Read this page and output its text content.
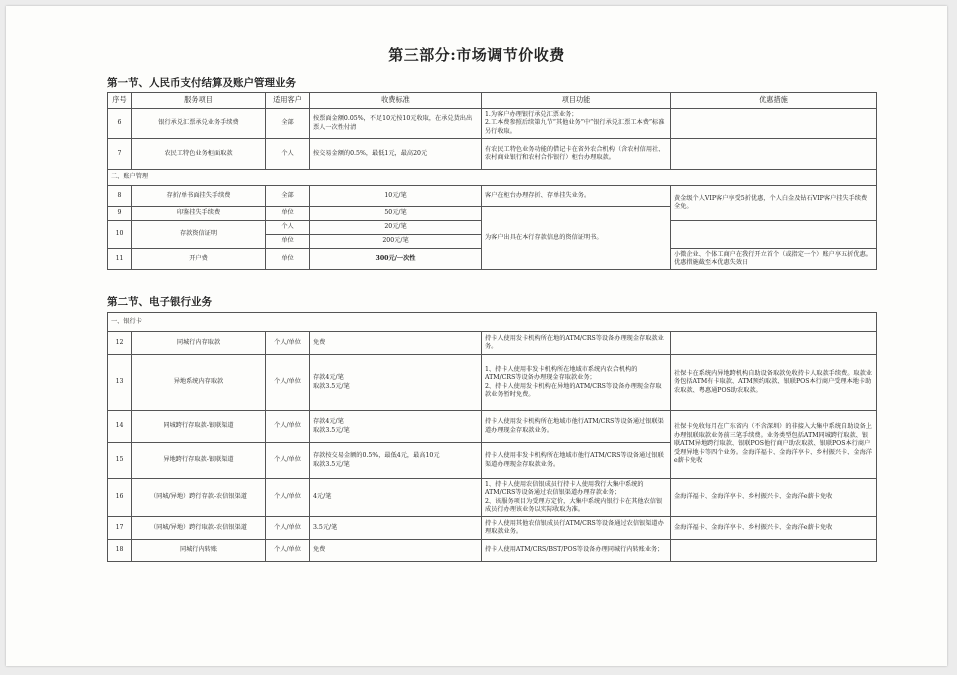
第三部分:市场调节价收费
第一节、人民币支付结算及账户管理业务
序号	服务项目	适用客户	收费标准	项目功能	优惠措施
6	银行承兑汇票承兑业务手续费	全部	按票面金额0.05%，不足10元按10元收取，在承兑货出出票人一次性付清	1.为客户办理银行承兑汇票业务；
2.工本费参照后续第九节“其他业务”中“银行承兑汇票工本费”标准另行收取。	
7	农民工特色业务柜面取款	个人	按交易金额的0.5%，最低1元，最高20元	有农民工特色业务功能的借记卡在省外农合机构（含农村信用社、农村商业银行和农村合作银行）柜台办理取款。	
二、账户管理					
8	存折/单书面挂失手续费	全部	10元/笔	客户在柜台办理存折、存单挂失业务。	黄金级个人VIP客户享受5折优惠，个人白金及钻石VIP客户挂失手续费全免。
9	印鉴挂失手续费	单位	50元/笔	为客户出具在本行存款信息的资信证明书。	
10	存款资信证明	个人	20元/笔		
		单位	200元/笔		
11	开户费	单位	300元/一次性		小微企业、个体工商户在我行开立首个（或指定一个）账户享五折优惠。优惠措施截至本优惠失效日
第二节、电子银行业务
一、银行卡					
12	同城行内存取款	个人/单位	免费	持卡人使用发卡机构所在地的ATM/CRS等设备办理现金存取款业务。	
13	异地系统内存取款	个人/单位	存款4元/笔
取款3.5元/笔	1、持卡人使用非发卡机构所在地域市系统内农合机构的ATM/CRS等设备办理现金存取款业务；
2、持卡人使用发卡机构在异地的ATM/CRS等设备办理现金存取款业务暂时免费。	社保卡在系统内异地跨机构自助设备取款免收持卡人取款手续费。取款业务包括ATM有卡取款、ATM预约取款、银联POS本行商户受理本地卡助农取款、粤惠通POS助农取款。
14	同城跨行存取款-银联渠道	个人/单位	存款4元/笔
取款3.5元/笔	持卡人使用发卡机构所在地域市他行ATM/CRS等设备通过银联渠道办理现金存取款业务。	社保卡免收每月在广东省内（不含深圳）的非接入大集中系统自助设备上办理银联取款业务前三笔手续费。业务类型包括ATM同城跨行取款、银联ATM异地跨行取款、银联POS他行商户助农取款、银联POS本行商户受理异地卡等四个业务。金海洋福卡、金海洋享卡、乡村振兴卡、金海洋e薪卡免收
15	异地跨行存取款-银联渠道	个人/单位	存款按交易金额的0.5%，最低4元，最高10元
取款3.5元/笔	持卡人使用非发卡机构所在地域市他行ATM/CRS等设备通过银联渠道办理现金存取款业务。	
16	（同城/异地）跨行存款-农信银渠道	个人/单位	4元/笔	1、持卡人使用农信银成员行持卡人使用我行大集中系统的ATM/CRS等设备通过农信银渠道办理存款业务；
2、该服务项目为受理方定价，大集中系统内银行卡在其他农信银成员行办理该业务以实际收取为准。	金海洋福卡、金海洋享卡、乡村振兴卡、金海洋e薪卡免收
17	（同城/异地）跨行取款-农信银渠道	个人/单位	3.5元/笔	持卡人使用其他农信银成员行ATM/CRS等设备通过农信银渠道办理取款业务。	金海洋福卡、金海洋享卡、乡村振兴卡、金海洋e薪卡免收
18	同城行内转账	个人/单位	免费	持卡人使用ATM/CRS/BST/POS等设备办理同城行内转账业务；	
